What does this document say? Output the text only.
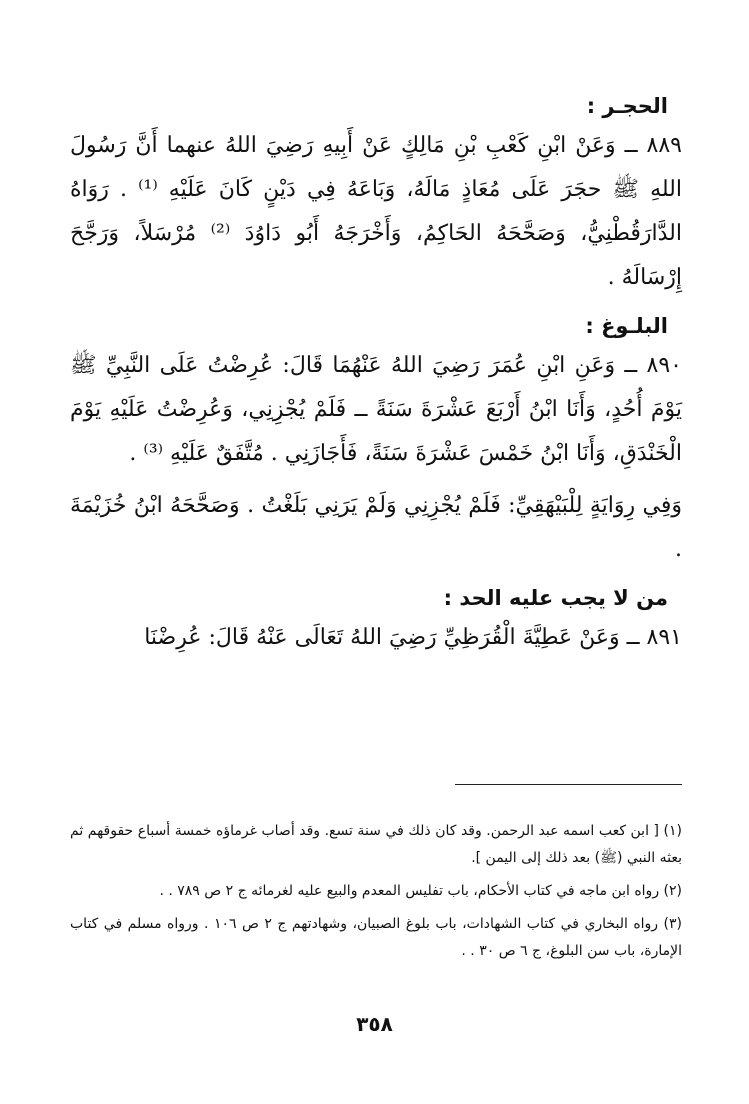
الحجـر :

٨٨٩ ــ وَعَنْ ابْنِ كَعْبِ بْنِ مَالِكٍ عَنْ أَبِيهِ رَضِيَ اللهُ عنهما أَنَّ رَسُولَ اللهِ ﷺ حجَرَ عَلَى مُعَاذٍ مَالَهُ، وَبَاعَهُ فِي دَيْنٍ كَانَ عَلَيْهِ ⁽¹⁾ . رَوَاهُ الدَّارَقُطْنِيُّ، وَصَحَّحَهُ الحَاكِمُ، وَأَخْرَجَهُ أَبُو دَاوُدَ ⁽²⁾ مُرْسَلاً، وَرَجَّحَ إِرْسَالَهُ .

البلـوغ :

٨٩٠ ــ وَعَنِ ابْنِ عُمَرَ رَضِيَ اللهُ عَنْهُمَا قَالَ: عُرِضْتُ عَلَى النَّبِيِّ ﷺ يَوْمَ أُحُدٍ، وَأَنَا ابْنُ أَرْبَعَ عَشْرَةَ سَنَةً ــ فَلَمْ يُجْزِنِي، وَعُرِضْتُ عَلَيْهِ يَوْمَ الْخَنْدَقِ، وَأَنَا ابْنُ خَمْسَ عَشْرَةَ سَنَةً، فَأَجَازَنِي . مُتَّفَقٌ عَلَيْهِ ⁽³⁾ .

وَفِي رِوَايَةٍ لِلْبَيْهَقِيِّ: فَلَمْ يُجْزِنِي وَلَمْ يَرَنِي بَلَغْتُ . وَصَحَّحَهُ ابْنُ خُزَيْمَةَ .

من لا يجب عليه الحد :

٨٩١ ــ وَعَنْ عَطِيَّةَ الْقُرَظِيِّ رَضِيَ اللهُ تَعَالَى عَنْهُ قَالَ: عُرِضْنَا

(١) [ ابن كعب اسمه عبد الرحمن. وقد كان ذلك في سنة تسع. وقد أصاب غرماؤه خمسة أسباع حقوقهم ثم بعثه النبي (ﷺ) بعد ذلك إلى اليمن ].

(٢) رواه ابن ماجه في كتاب الأحكام، باب تفليس المعدم والبيع عليه لغرمائه ج ٢ ص ٧٨٩ . .

(٣) رواه البخاري في كتاب الشهادات، باب بلوغ الصبيان، وشهادتهم ج ٢ ص ١٠٦ . ورواه مسلم في كتاب الإمارة، باب سن البلوغ، ج ٦ ص ٣٠ . .

٣٥٨
